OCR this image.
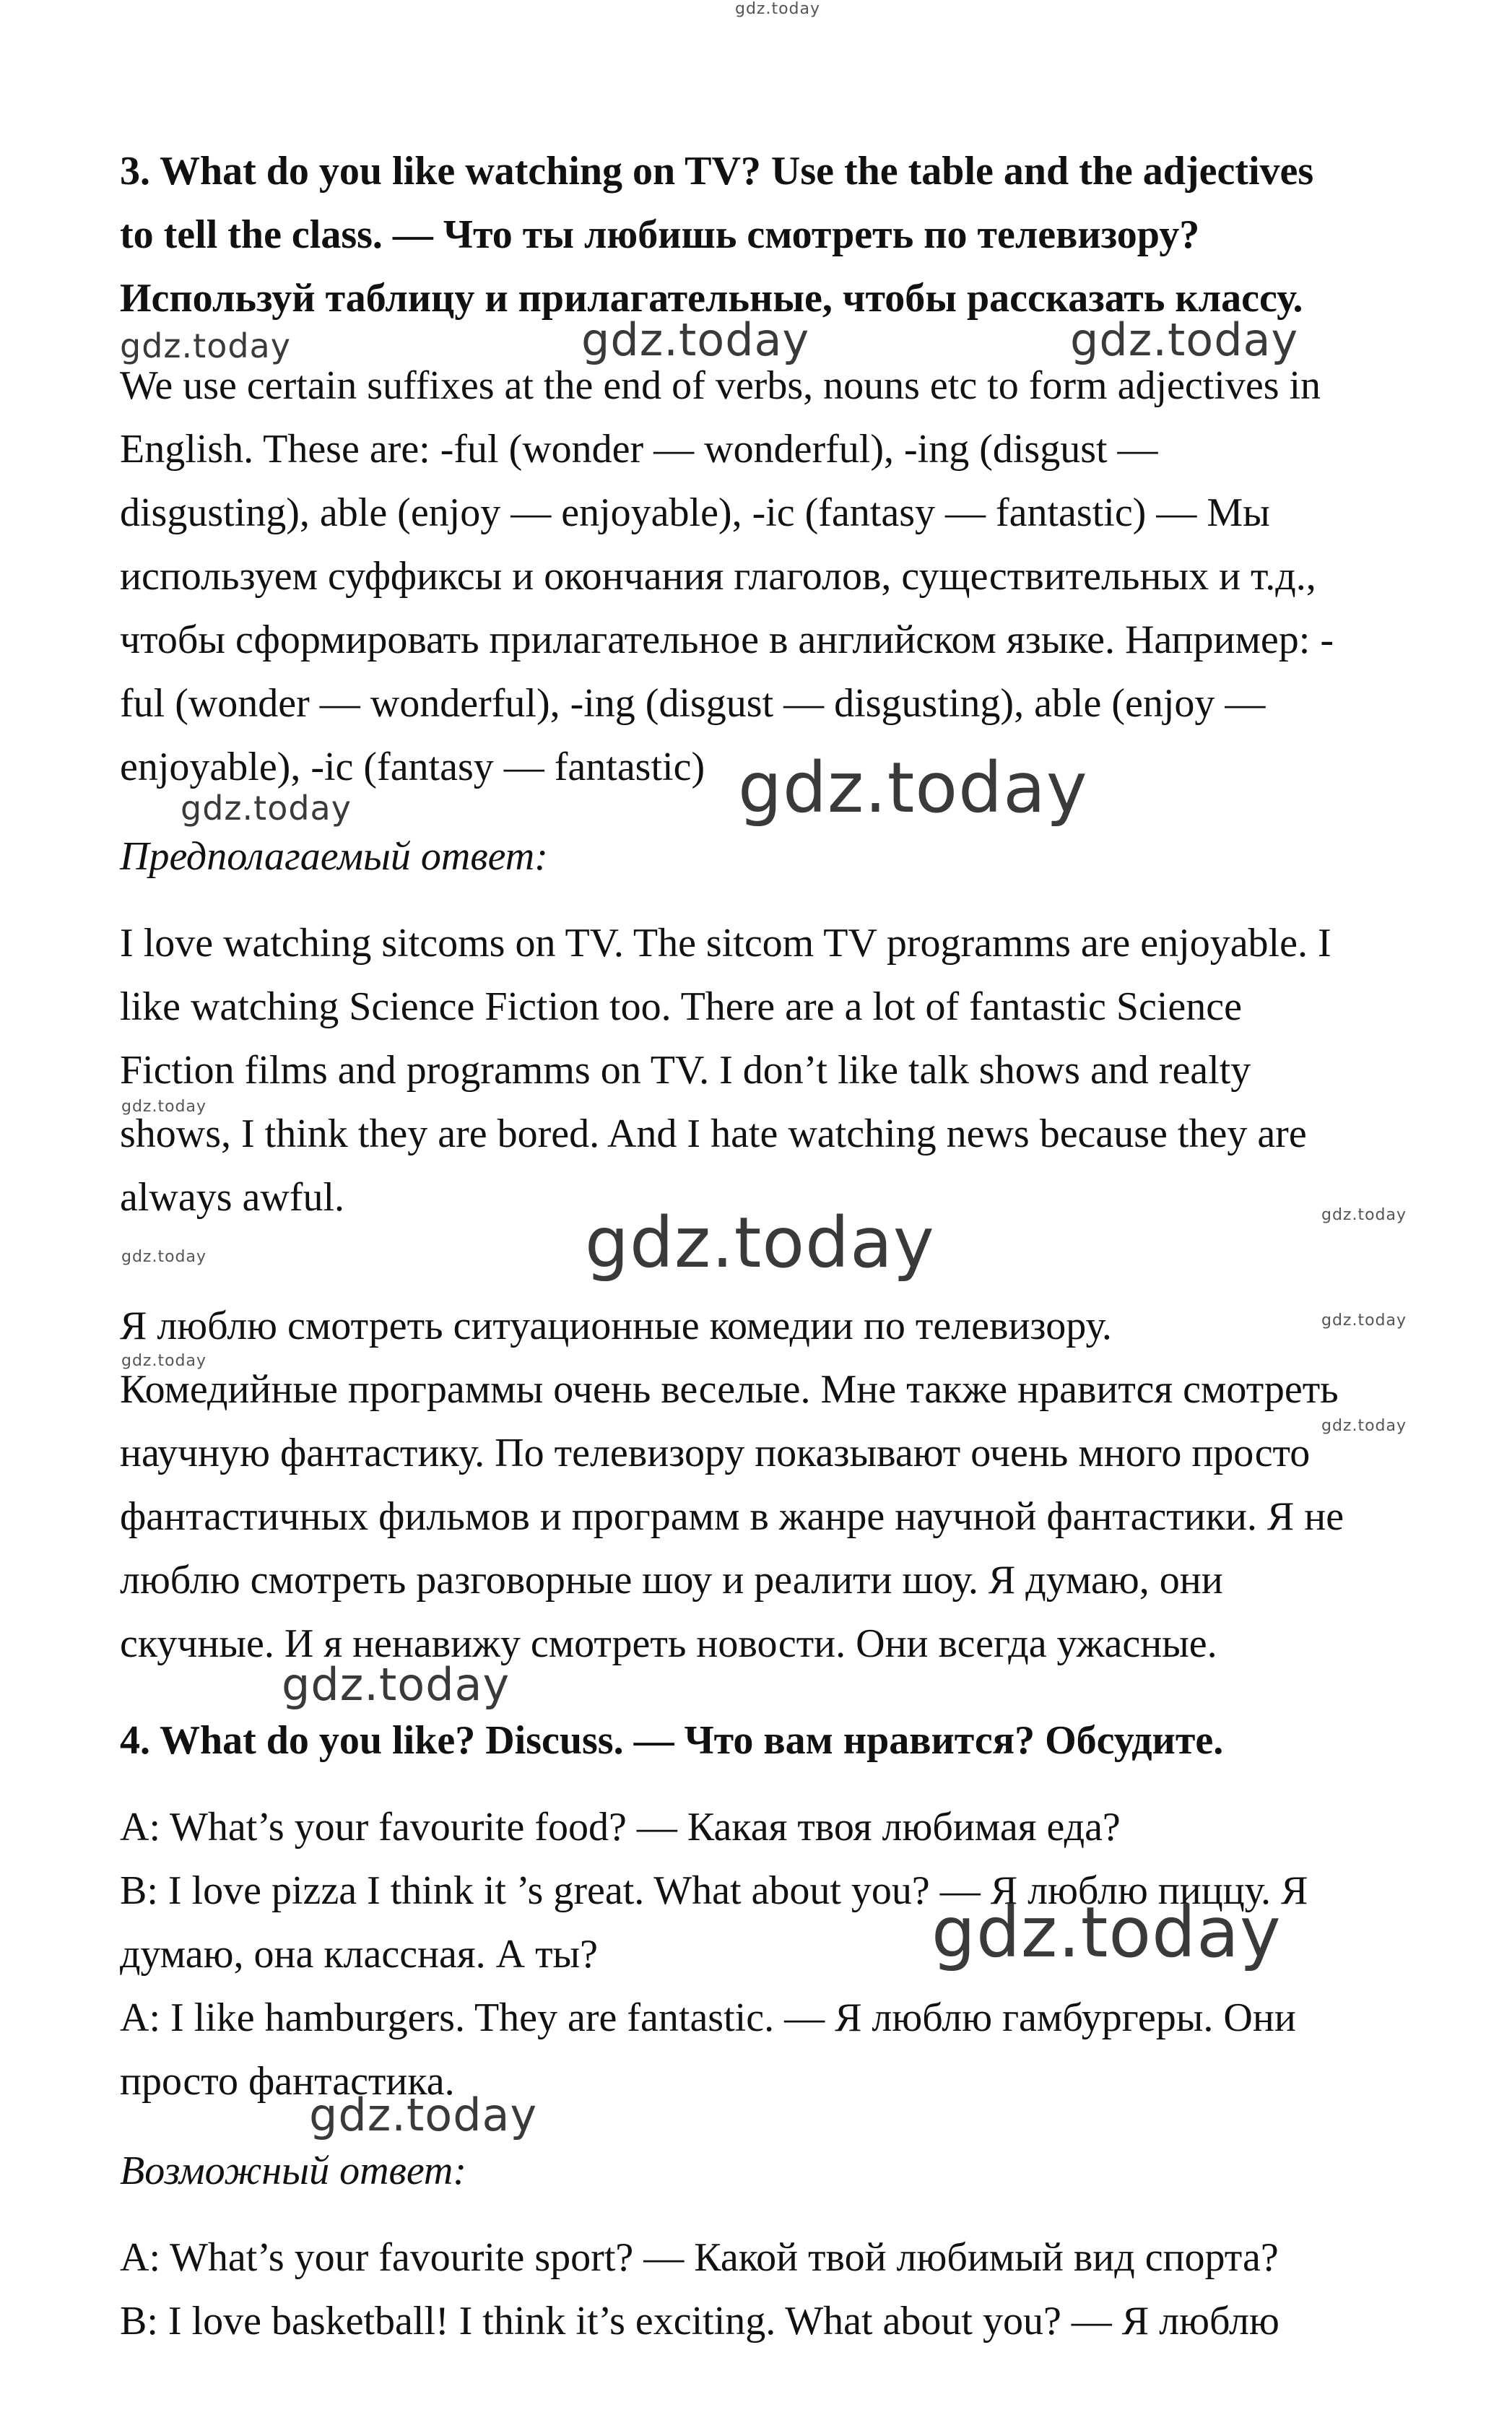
3. What do you like watching on TV? Use the table and the adjectives
to tell the class. — Что ты любишь смотреть по телевизору?
Используй таблицу и прилагательные, чтобы рассказать классу.
We use certain suffixes at the end of verbs, nouns etc to form adjectives in
English. These are: -ful (wonder — wonderful), -ing (disgust —
disgusting), able (enjoy — enjoyable), -ic (fantasy — fantastic) — Мы
используем суффиксы и окончания глаголов, существительных и т.д.,
чтобы сформировать прилагательное в английском языке. Например: -
ful (wonder — wonderful), -ing (disgust — disgusting), able (enjoy —
enjoyable), -ic (fantasy — fantastic)
Предполагаемый ответ:
I love watching sitcoms on TV. The sitcom TV programms are enjoyable. I
like watching Science Fiction too. There are a lot of fantastic Science
Fiction films and programms on TV. I don’t like talk shows and realty
shows, I think they are bored. And I hate watching news because they are
always awful.
Я люблю смотреть ситуационные комедии по телевизору.
Комедийные программы очень веселые. Мне также нравится смотреть
научную фантастику. По телевизору показывают очень много просто
фантастичных фильмов и программ в жанре научной фантастики. Я не
люблю смотреть разговорные шоу и реалити шоу. Я думаю, они
скучные. И я ненавижу смотреть новости. Они всегда ужасные.
4. What do you like? Discuss. — Что вам нравится? Обсудите.
A: What’s your favourite food? — Какая твоя любимая еда?
B: I love pizza I think it ’s great. What about you? — Я люблю пиццу. Я
думаю, она классная. А ты?
A: I like hamburgers. They are fantastic. — Я люблю гамбургеры. Они
просто фантастика.
Возможный ответ:
A: What’s your favourite sport? — Какой твой любимый вид спорта?
B: I love basketball! I think it’s exciting. What about you? — Я люблю
gdz.today
gdz.today	gdz.today	gdz.today
gdz.today
gdz.today
gdz.today
gdz.today	gdz.today
gdz.today
gdz.today
gdz.today
gdz.today
gdz.today
gdz.today
gdz.today
